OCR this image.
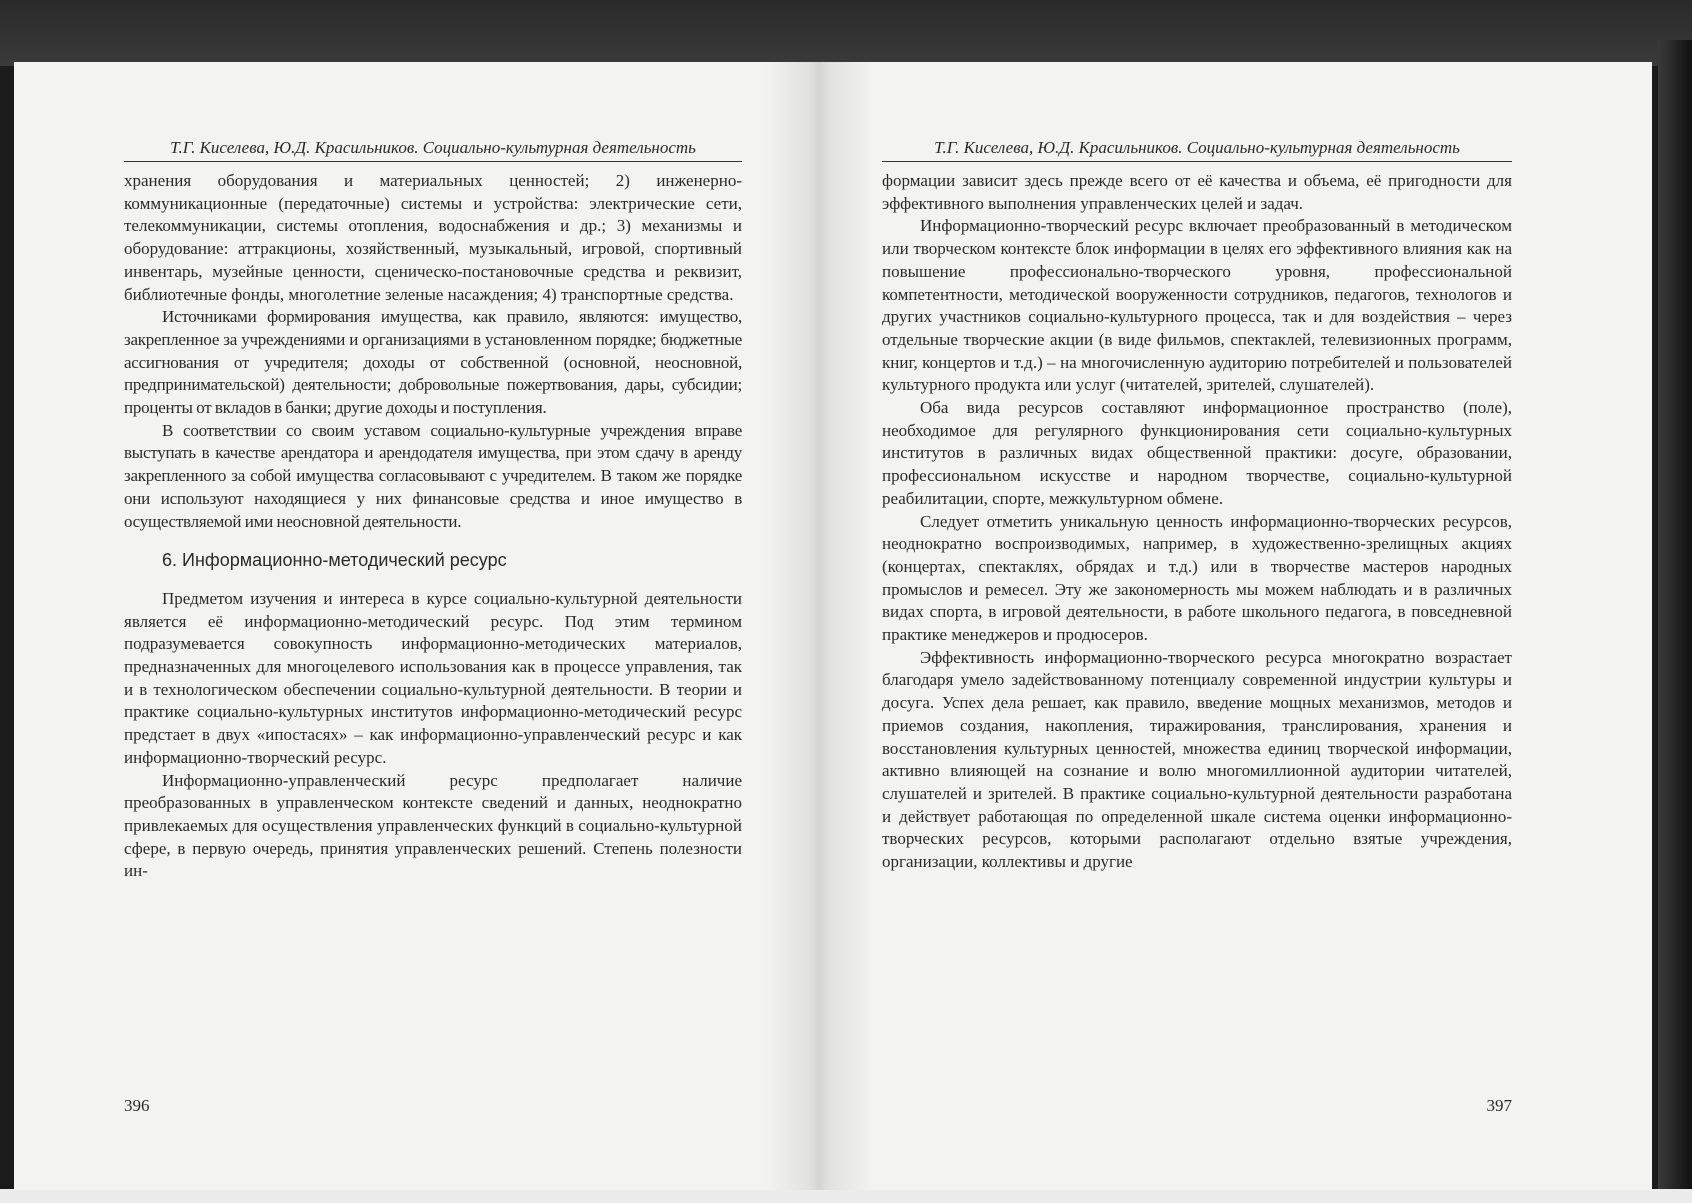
Т.Г. Киселева, Ю.Д. Красильников. Социально-культурная деятельность

хранения оборудования и материальных ценностей; 2) инженерно-коммуникационные (передаточные) системы и устройства: электрические сети, телекоммуникации, системы отопления, водоснабжения и др.; 3) механизмы и оборудование: аттракционы, хозяйственный, музыкальный, игровой, спортивный инвентарь, музейные ценности, сценическо-постановочные средства и реквизит, библиотечные фонды, многолетние зеленые насаждения; 4) транспортные средства.

Источниками формирования имущества, как правило, являются: имущество, закрепленное за учреждениями и организациями в установленном порядке; бюджетные ассигнования от учредителя; доходы от собственной (основной, неосновной, предпринимательской) деятельности; добровольные пожертвования, дары, субсидии; проценты от вкладов в банки; другие доходы и поступления.

В соответствии со своим уставом социально-культурные учреждения вправе выступать в качестве арендатора и арендодателя имущества, при этом сдачу в аренду закрепленного за собой имущества согласовывают с учредителем. В таком же порядке они используют находящиеся у них финансовые средства и иное имущество в осуществляемой ими неосновной деятельности.

6. Информационно-методический ресурс

Предметом изучения и интереса в курсе социально-культурной деятельности является её информационно-методический ресурс. Под этим термином подразумевается совокупность информационно-методических материалов, предназначенных для многоцелевого использования как в процессе управления, так и в технологическом обеспечении социально-культурной деятельности. В теории и практике социально-культурных институтов информационно-методический ресурс предстает в двух «ипостасях» – как информационно-управленческий ресурс и как информационно-творческий ресурс.

Информационно-управленческий ресурс предполагает наличие преобразованных в управленческом контексте сведений и данных, неоднократно привлекаемых для осуществления управленческих функций в социально-культурной сфере, в первую очередь, принятия управленческих решений. Степень полезности ин-

396
Т.Г. Киселева, Ю.Д. Красильников. Социально-культурная деятельность

формации зависит здесь прежде всего от её качества и объема, её пригодности для эффективного выполнения управленческих целей и задач.

Информационно-творческий ресурс включает преобразованный в методическом или творческом контексте блок информации в целях его эффективного влияния как на повышение профессионально-творческого уровня, профессиональной компетентности, методической вооруженности сотрудников, педагогов, технологов и других участников социально-культурного процесса, так и для воздействия – через отдельные творческие акции (в виде фильмов, спектаклей, телевизионных программ, книг, концертов и т.д.) – на многочисленную аудиторию потребителей и пользователей культурного продукта или услуг (читателей, зрителей, слушателей).

Оба вида ресурсов составляют информационное пространство (поле), необходимое для регулярного функционирования сети социально-культурных институтов в различных видах общественной практики: досуге, образовании, профессиональном искусстве и народном творчестве, социально-культурной реабилитации, спорте, межкультурном обмене.

Следует отметить уникальную ценность информационно-творческих ресурсов, неоднократно воспроизводимых, например, в художественно-зрелищных акциях (концертах, спектаклях, обрядах и т.д.) или в творчестве мастеров народных промыслов и ремесел. Эту же закономерность мы можем наблюдать и в различных видах спорта, в игровой деятельности, в работе школьного педагога, в повседневной практике менеджеров и продюсеров.

Эффективность информационно-творческого ресурса многократно возрастает благодаря умело задействованному потенциалу современной индустрии культуры и досуга. Успех дела решает, как правило, введение мощных механизмов, методов и приемов создания, накопления, тиражирования, транслирования, хранения и восстановления культурных ценностей, множества единиц творческой информации, активно влияющей на сознание и волю многомиллионной аудитории читателей, слушателей и зрителей. В практике социально-культурной деятельности разработана и действует работающая по определенной шкале система оценки информационно-творческих ресурсов, которыми располагают отдельно взятые учреждения, организации, коллективы и другие

397
